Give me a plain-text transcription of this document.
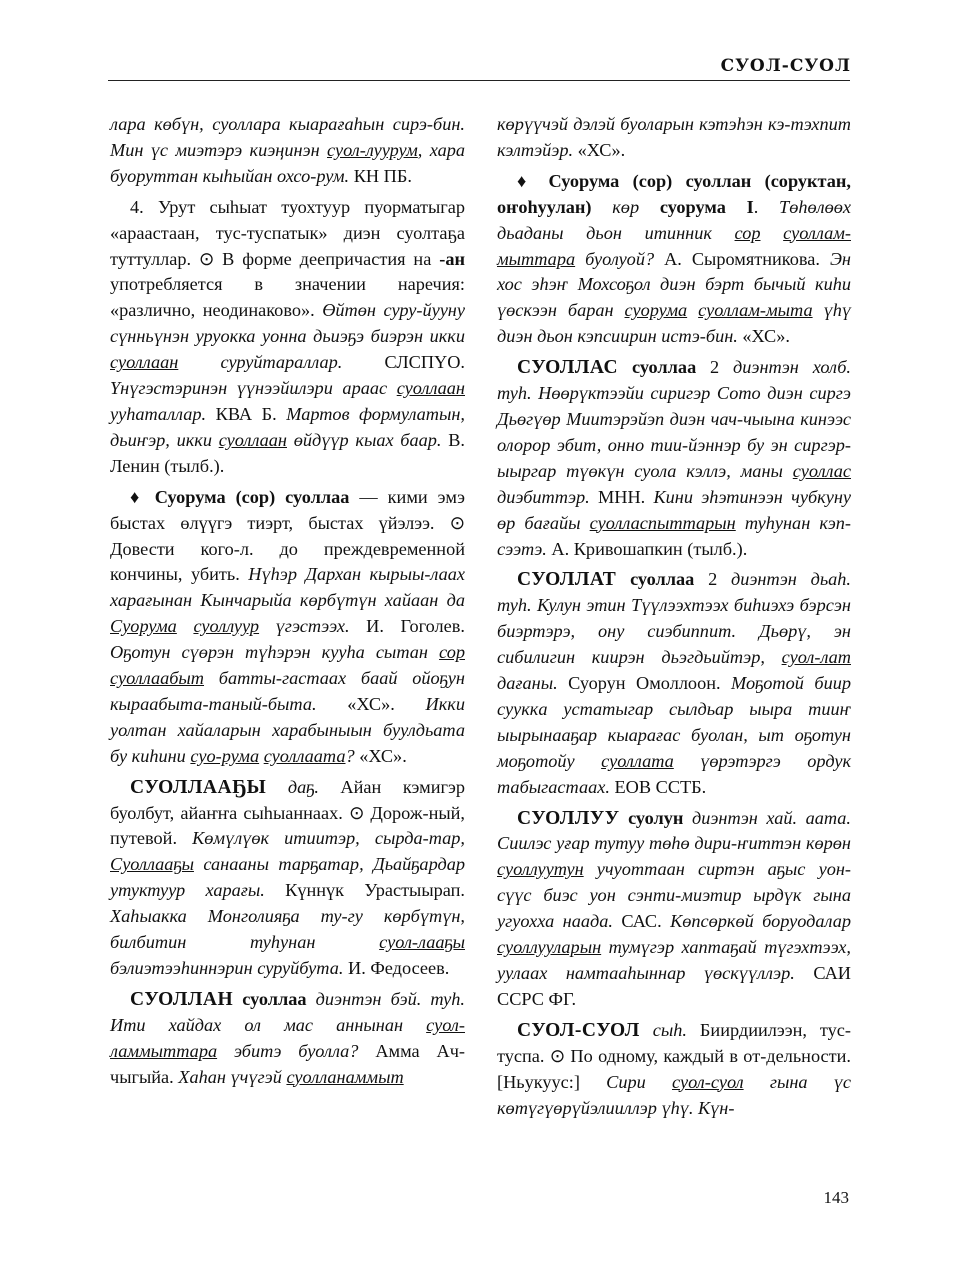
СУОЛ-СУОЛ

лара көбүн, суоллара кыарағаһын сирэ-бин. Мин үс миэтэрэ киэңинэн суол-луурум, хара буоруттан кыһыйан охсо-рум. КН ПБ.

4. Урут сыһыат туохтуур пуорматыгар «араастаан, тус-туспатык» диэн суолтаҕа туттуллар. ⊙ В форме деепричастия на -ан употребляется в значении наречия: «различно, неодинаково». Өйтөн суру-йууну сүнньүнэн уруокка уонна дьиэҕэ биэрэн икки суоллаан суруйтараллар. СЛСПҮО. Үнүгэстэринэн үүнээйилэри араас суоллаан ууһаталлар. КВА Б. Мартов формулатын, дьиҥэр, икки суоллаан өйдүүр кыах баар. В. Ленин (тылб.).

♦ Суорума (сор) суоллаа — кими эмэ быстах өлүүгэ тиэрт, быстах үйэлээ. ⊙ Довести кого-л. до преждевременной кончины, убить. Нүһэр Дархан кырыы-лаах харағынан Кынчарыйа көрбүтүн хайаан да Суорума суоллуур үгэстээх. И. Гоголев. Оҕотун сүөрэн түһэрэн кууһа сытан сор суоллаабыт батты-гастаах баай ойоҕун кыраабыта-таный-быта. «ХС». Икки уолтан хайаларын харабыныын буулдьата бу киһини суо-рума суоллаата? «ХС».

СУОЛЛААҔЫ даҕ. Айан кэмигэр буолбут, айаҥҥа сыһыаннаах. ⊙ Дорож-ный, путевой. Көмүлүөк итиитэр, сырда-тар, Суоллааҕы санааны тарҕатар, Дьайҕардар утуктуур харағы. Күннүк Урастыырап. Хаһыакка Монголияҕа ту-гу көрбүтүн, билбитин туһунан суол-лааҕы бэлиэтээһиннэрин суруйбута. И. Федосеев.

СУОЛЛАН суоллаа диэнтэн бэй. туһ. Ити хайдах ол мас аннынан суол-ламмыттара эбитэ буолла? Амма Ач-чыгыйа. Хаһан үчүгэй суолланаммыт

көрүүчэй дэлэй буоларын кэтэһэн кэ-тэхпит кэлтэйэр. «ХС».

♦ Суорума (сор) суоллан (соруктан, оҥоһуулан) көр суорума I. Төһөлөөх дьаданы дьон итинник сор суоллам-мыттара буолуой? А. Сыромятникова. Эн хос эһэҥ Мохсоҕол диэн бэрт бычый киһи үөскээн баран суорума суоллам-мыта үһү диэн дьон кэпсиирин истэ-бин. «ХС».

СУОЛЛАС суоллаа 2 диэнтэн холб. туһ. Нөөрүктээйи сиригэр Сото диэн сиргэ Дьөгүөр Миитэрэйэп диэн чач-чыына кинээс олорор эбит, онно тии-йэннэр бу эн сиргэр-ыыргар түөкүн суола кэллэ, маны суоллас диэбиттэр. МНН. Кини эһэтинээн чубкуну өр бағайы суолласпыттарын туһунан кэп-сээтэ. А. Кривошапкин (тылб.).

СУОЛЛАТ суоллаа 2 диэнтэн дьаһ. туһ. Кулун этин Түүлээхтээх биһиэхэ бэрсэн биэртэрэ, ону сиэбиппит. Дьөрү, эн сибилигин киирэн дьэгдьийтэр, суол-лат дағаны. Суорун Омоллоон. Моҕотой биир сууккa устатыгар сылдьар ыыра тииҥ ыырынааҕар кыарағас буолан, ыт оҕотун моҕотойу суоллата үөрэтэргэ ордук табыгастаах. ЕОВ ССТБ.

СУОЛЛУУ суолун диэнтэн хай. аата. Сиилэс уғар тутуу төһө дири-ҥиттэн көрөн суоллуутун учуоттаан сиртэн аҕыс уон-сүүс биэс уон сэнти-миэтир ырдүк гына угуохха наада. САС. Көпсөркөй боруодалар суоллууларын тумүгэр хаптаҕай түгэхтээх, уулаах намтааһыннар үөскүүллэр. САИ ССРС ФГ.

СУОЛ-СУОЛ сыһ. Биирдиилээн, тус-туспа. ⊙ По одному, каждый в от-дельности. [Ньукуус:] Сири суол-суол гына үс көтүгүөрүйэлииллэр үһү. Күн-

143
